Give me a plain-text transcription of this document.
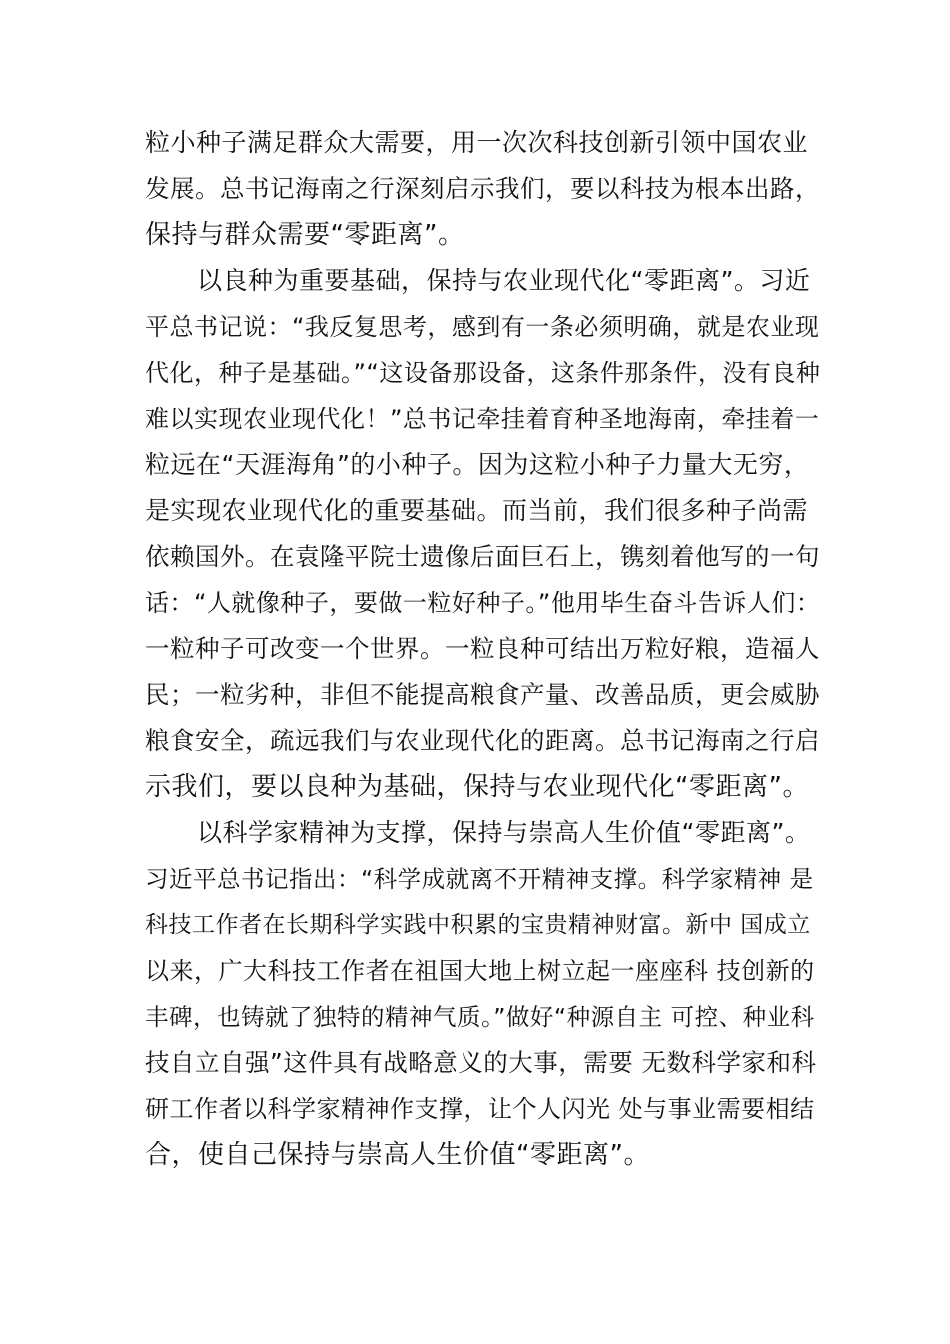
粒小种子满足群众大需要，用一次次科技创新引领中国农业
发展。总书记海南之行深刻启示我们，要以科技为根本出路，
保持与群众需要“零距离”。
以良种为重要基础，保持与农业现代化“零距离”。习近
平总书记说：“我反复思考，感到有一条必须明确，就是农业现
代化，种子是基础。”“这设备那设备，这条件那条件，没有良种
难以实现农业现代化！”总书记牵挂着育种圣地海南，牵挂着一
粒远在“天涯海角”的小种子。因为这粒小种子力量大无穷，
是实现农业现代化的重要基础。而当前，我们很多种子尚需
依赖国外。在袁隆平院士遗像后面巨石上，镌刻着他写的一句
话：“人就像种子，要做一粒好种子。”他用毕生奋斗告诉人们：
一粒种子可改变一个世界。一粒良种可结出万粒好粮，造福人
民；一粒劣种，非但不能提高粮食产量、改善品质，更会威胁
粮食安全，疏远我们与农业现代化的距离。总书记海南之行启
示我们，要以良种为基础，保持与农业现代化“零距离”。
以科学家精神为支撑，保持与崇高人生价值“零距离”。
习近平总书记指出：“科学成就离不开精神支撑。科学家精神 是
科技工作者在长期科学实践中积累的宝贵精神财富。新中 国成立
以来，广大科技工作者在祖国大地上树立起一座座科 技创新的
丰碑，也铸就了独特的精神气质。”做好“种源自主 可控、种业科
技自立自强”这件具有战略意义的大事，需要 无数科学家和科
研工作者以科学家精神作支撑，让个人闪光 处与事业需要相结
合，使自己保持与崇高人生价值“零距离”。
